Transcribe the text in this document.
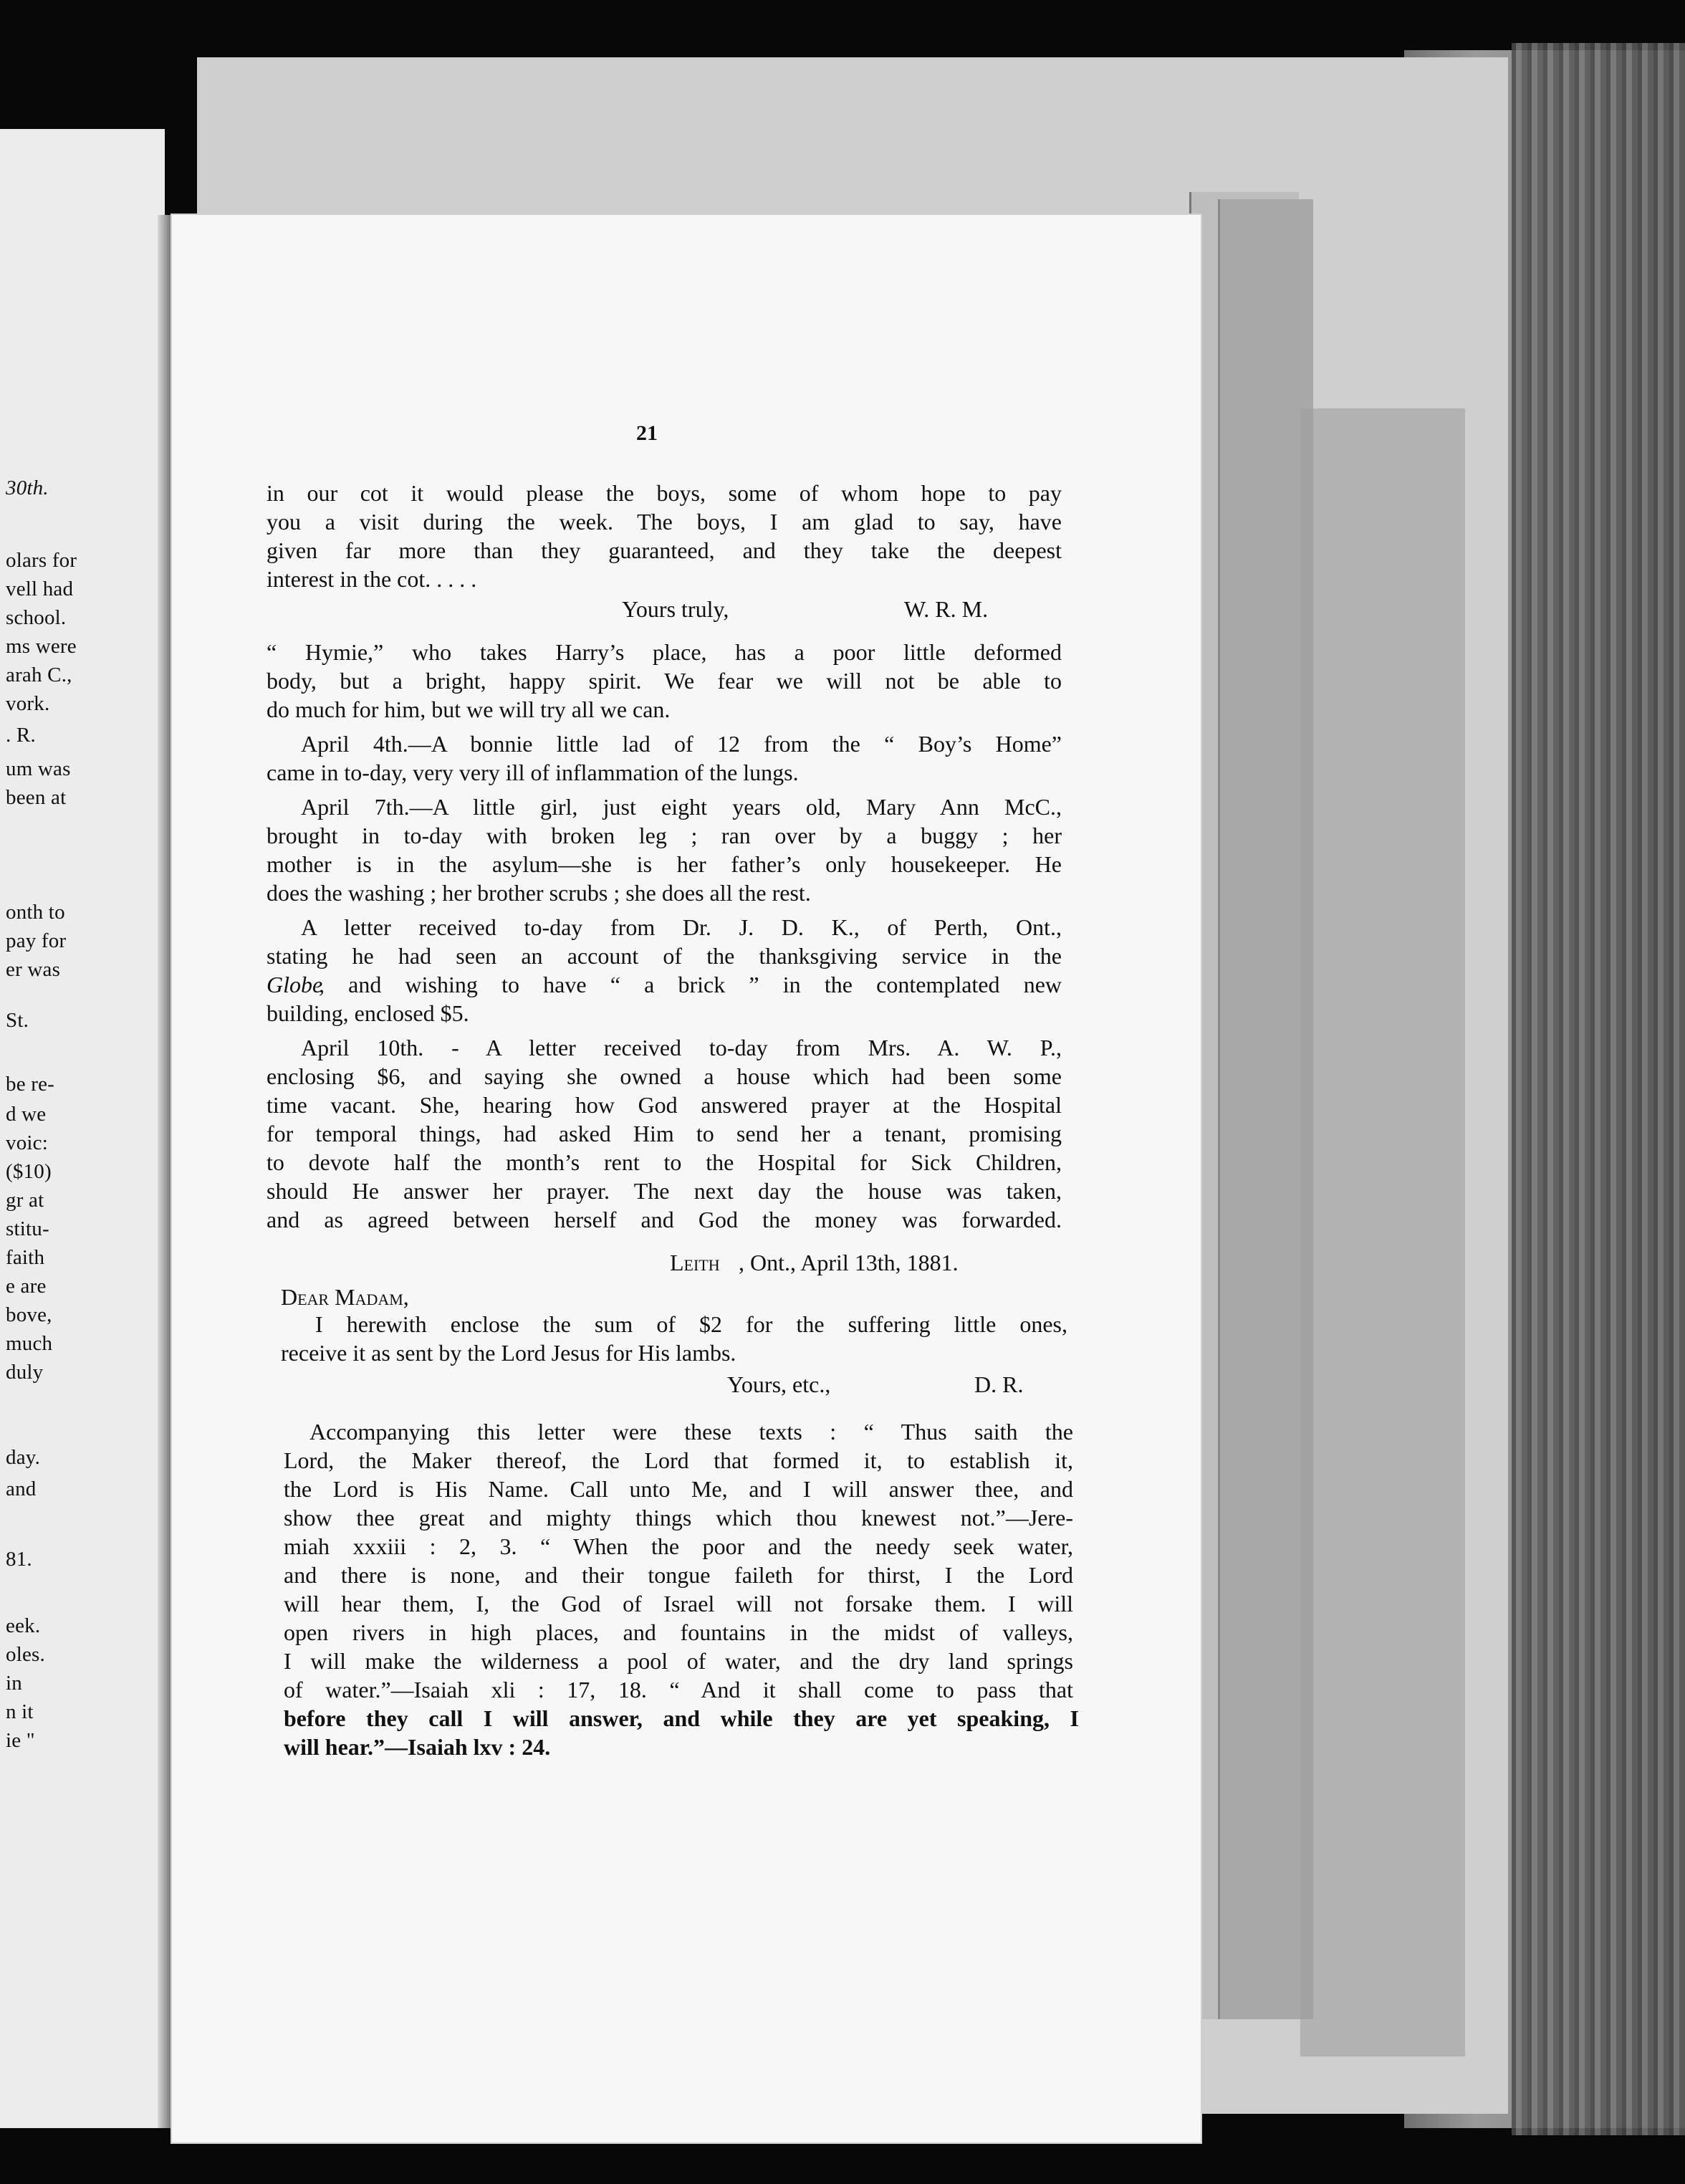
30th.
olars for
vell had
school.
ms were
arah C.,
vork.
. R.
um was
been at
onth to
pay for
er was
St.
be re-
d we
voic:
($10)
gr at
stitu-
faith
e are
bove,
much
duly
day.
and
81.
eek.
oles.
in
n it
ie "
21
in our cot it would please the boys, some of whom hope to pay
you a visit during the week. The boys, I am glad to say, have
given far more than they guaranteed, and they take the deepest
interest in the cot. . . . .
Yours truly,	W. R. M.
“ Hymie,” who takes Harry’s place, has a poor little deformed
body, but a bright, happy spirit. We fear we will not be able to
do much for him, but we will try all we can.
April 4th.—A bonnie little lad of 12 from the “ Boy’s Home”
came in to-day, very very ill of inflammation of the lungs.
April 7th.—A little girl, just eight years old, Mary Ann McC.,
brought in to-day with broken leg ; ran over by a buggy ; her
mother is in the asylum—she is her father’s only housekeeper. He
does the washing ; her brother scrubs ; she does all the rest.
A letter received to-day from Dr. J. D. K., of Perth, Ont.,
stating he had seen an account of the thanksgiving service in the
Globe
, and wishing to have “ a brick ” in the contemplated new
building, enclosed $5.
April 10th. - A letter received to-day from Mrs. A. W. P.,
enclosing $6, and saying she owned a house which had been some
time vacant. She, hearing how God answered prayer at the Hospital
for temporal things, had asked Him to send her a tenant, promising
to devote half the month’s rent to the Hospital for Sick Children,
should He answer her prayer. The next day the house was taken,
and as agreed between herself and God the money was forwarded.
Leith , Ont., April 13th, 1881.
Dear Madam,
I herewith enclose the sum of $2 for the suffering little ones,
receive it as sent by the Lord Jesus for His lambs.
Yours, etc.,	D. R.
Accompanying this letter were these texts : “ Thus saith the
Lord, the Maker thereof, the Lord that formed it, to establish it,
the Lord is His Name. Call unto Me, and I will answer thee, and
show thee great and mighty things which thou knewest not.”—Jere-
miah xxxiii : 2, 3. “ When the poor and the needy seek water,
and there is none, and their tongue faileth for thirst, I the Lord
will hear them, I, the God of Israel will not forsake them. I will
open rivers in high places, and fountains in the midst of valleys,
I will make the wilderness a pool of water, and the dry land springs
of water.”—Isaiah xli : 17, 18. “ And it shall come to pass that
before they call I will answer, and while they are yet speaking, I
will hear.”—Isaiah lxv : 24.
